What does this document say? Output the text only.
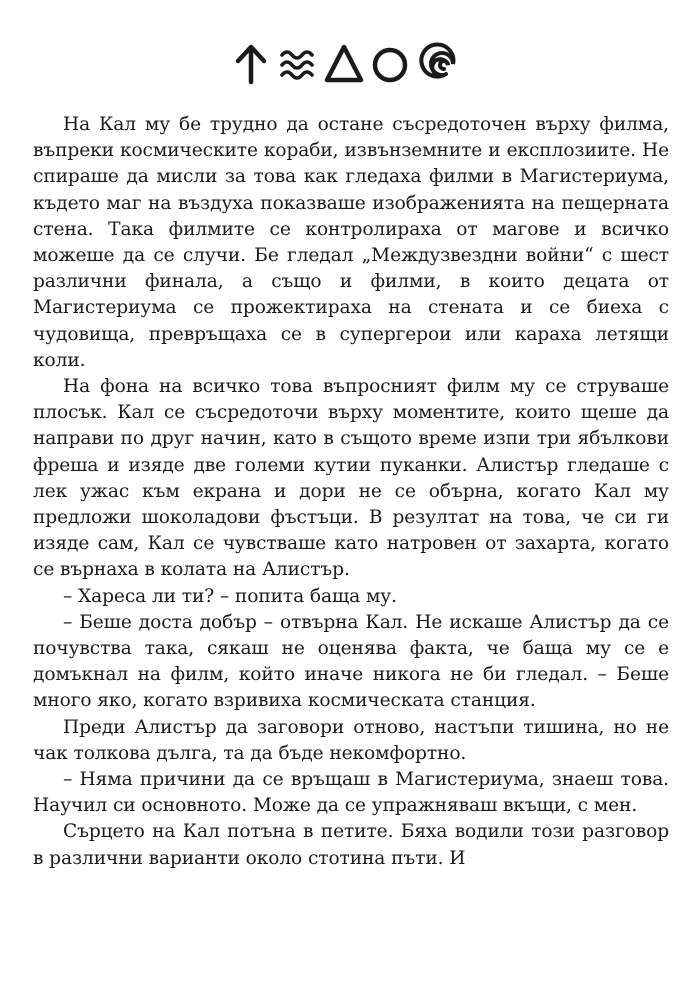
На Кал му бе трудно да остане съсредоточен върху филма, въпреки космическите кораби, извънземните и експлозиите. Не спираше да мисли за това как гледаха филми в Магистериума, където маг на въздуха показваше изображенията на пещерната стена. Така филмите се контролираха от магове и всичко можеше да се случи. Бе гледал „Междузвездни войни“ с шест различни финала, а също и филми, в които децата от Магистериума се прожектираха на стената и се биеха с чудовища, превръщаха се в супергерои или караха летящи коли.

На фона на всичко това въпросният филм му се струваше плосък. Кал се съсредоточи върху моментите, които щеше да направи по друг начин, като в същото време изпи три ябълкови фреша и изяде две големи кутии пуканки. Алистър гледаше с лек ужас към екрана и дори не се обърна, когато Кал му предложи шоколадови фъстъци. В резултат на това, че си ги изяде сам, Кал се чувстваше като натровен от захарта, когато се върнаха в колата на Алистър.

– Хареса ли ти? – попита баща му.

– Беше доста добър – отвърна Кал. Не искаше Алистър да се почувства така, сякаш не оценява факта, че баща му се е домъкнал на филм, който иначе никога не би гледал. – Беше много яко, когато взривиха космическата станция.

Преди Алистър да заговори отново, настъпи тишина, но не чак толкова дълга, та да бъде некомфортно.

– Няма причини да се връщаш в Магистериума, знаеш това. Научил си основното. Може да се упражняваш вкъщи, с мен.

Сърцето на Кал потъна в петите. Бяха водили този разговор в различни варианти около стотина пъти. И
